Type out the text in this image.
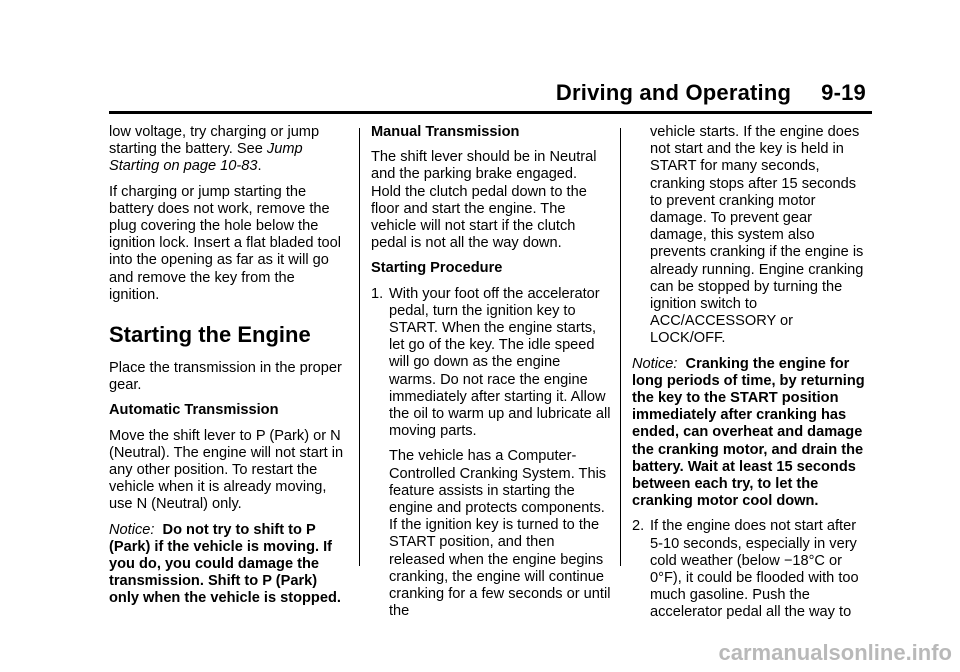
Driving and Operating 9-19

low voltage, try charging or jump starting the battery. See Jump Starting on page 10-83.

If charging or jump starting the battery does not work, remove the plug covering the hole below the ignition lock. Insert a flat bladed tool into the opening as far as it will go and remove the key from the ignition.

Starting the Engine

Place the transmission in the proper gear.

Automatic Transmission

Move the shift lever to P (Park) or N (Neutral). The engine will not start in any other position. To restart the vehicle when it is already moving, use N (Neutral) only.

Notice: Do not try to shift to P (Park) if the vehicle is moving. If you do, you could damage the transmission. Shift to P (Park) only when the vehicle is stopped.

Manual Transmission

The shift lever should be in Neutral and the parking brake engaged. Hold the clutch pedal down to the floor and start the engine. The vehicle will not start if the clutch pedal is not all the way down.

Starting Procedure
1. With your foot off the accelerator pedal, turn the ignition key to START. When the engine starts, let go of the key. The idle speed will go down as the engine warms. Do not race the engine immediately after starting it. Allow the oil to warm up and lubricate all moving parts.

The vehicle has a Computer-Controlled Cranking System. This feature assists in starting the engine and protects components. If the ignition key is turned to the START position, and then released when the engine begins cranking, the engine will continue cranking for a few seconds or until the

vehicle starts. If the engine does not start and the key is held in START for many seconds, cranking stops after 15 seconds to prevent cranking motor damage. To prevent gear damage, this system also prevents cranking if the engine is already running. Engine cranking can be stopped by turning the ignition switch to ACC/ACCESSORY or LOCK/OFF.

Notice: Cranking the engine for long periods of time, by returning the key to the START position immediately after cranking has ended, can overheat and damage the cranking motor, and drain the battery. Wait at least 15 seconds between each try, to let the cranking motor cool down.

2. If the engine does not start after 5-10 seconds, especially in very cold weather (below −18°C or 0°F), it could be flooded with too much gasoline. Push the accelerator pedal all the way to
carmanualsonline.info
